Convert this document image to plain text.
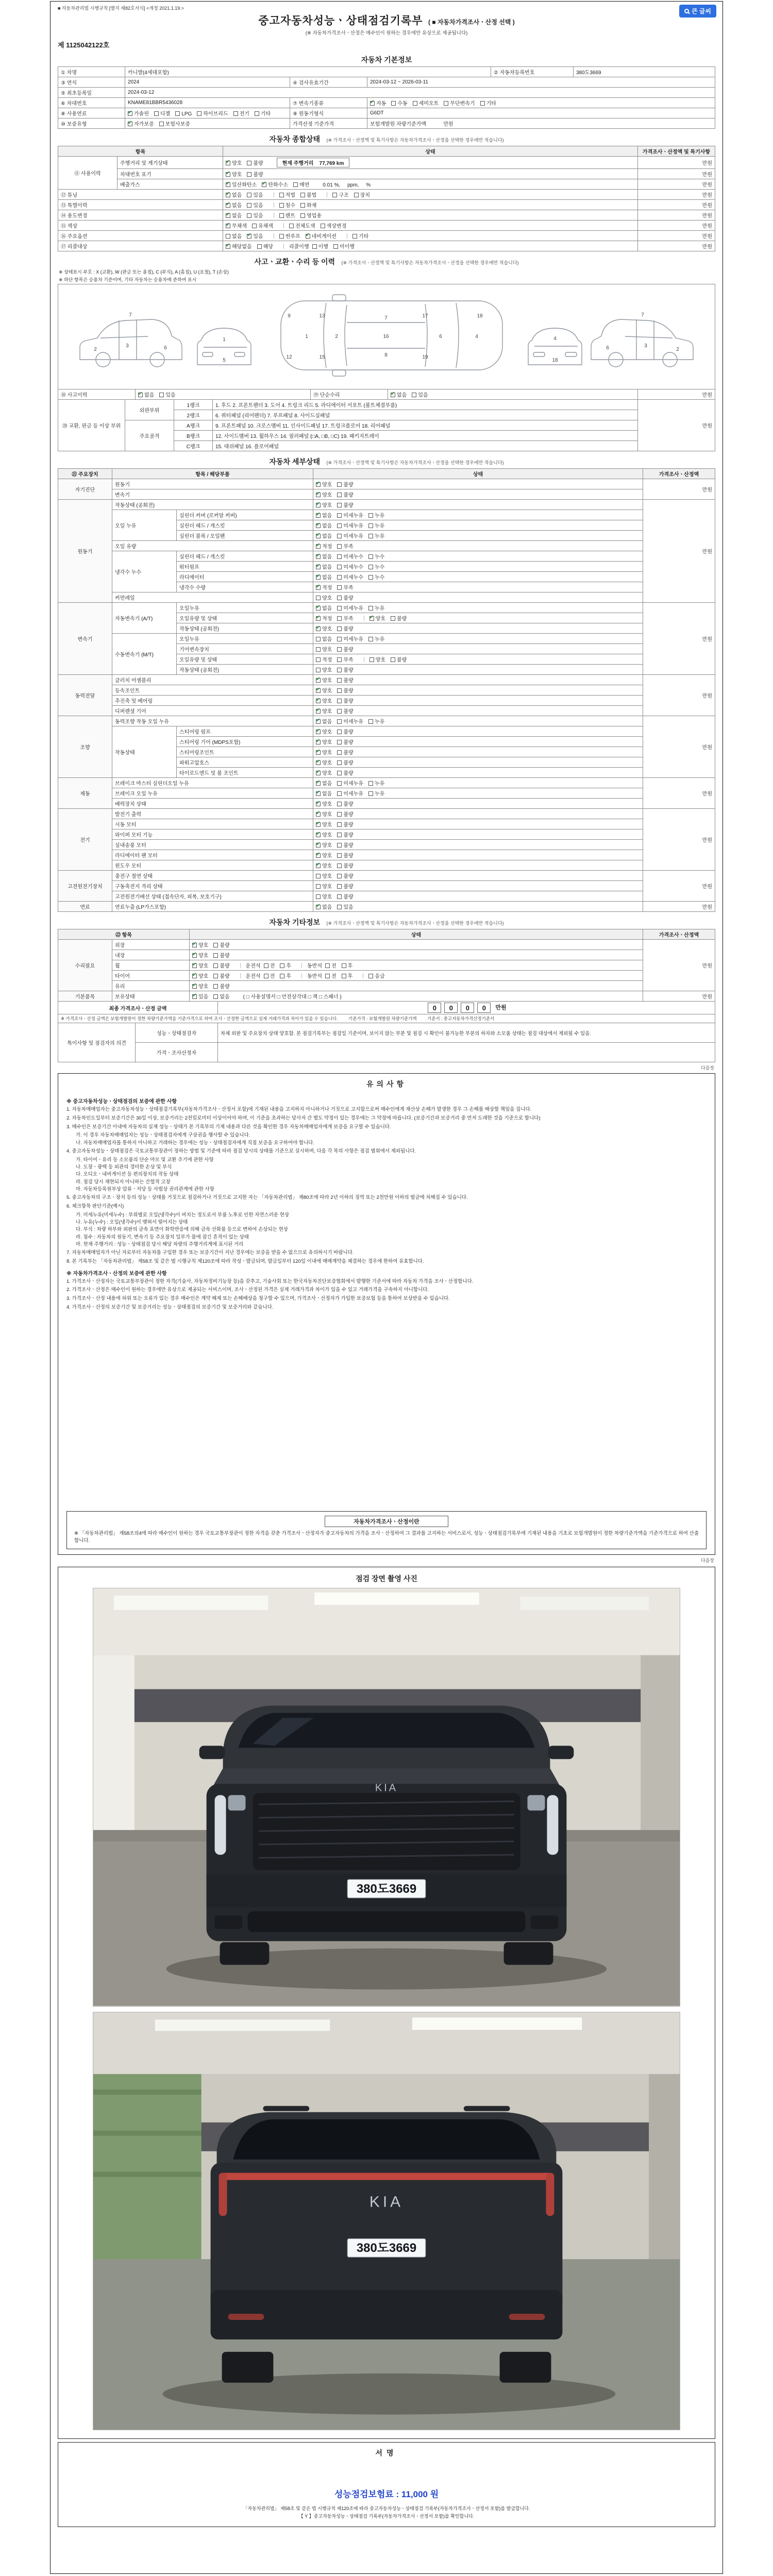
■ 자동차관리법 시행규칙 [별지 제82호서식] <개정 2021.1.19.>	큰 글씨
중고자동차성능ㆍ상태점검기록부 ( ■ 자동차가격조사ㆍ산정 선택 )
(※ 자동차가격조사ㆍ산정은 매수인이 원하는 경우에만 유상으로 제공됩니다)
제 1125042122호
자동차 기본정보
① 차명	카니발(4세대포함)			② 자동차등록번호	380도3669
③ 연식	2024	④ 검사유효기간	2024-03-12 ~ 2026-03-11		
⑤ 최초등록일	2024-03-12				
⑥ 차대번호	KNAME81BBR5436028	⑦ 변속기종류	✔자동 수동 세미오토 무단변속기 기타
⑧ 사용연료	✔가솔린 디젤 LPG 하이브리드 전기 기타	⑨ 원동기형식	G6DT		
⑩ 보증유형	✔자가보증 보험사보증	가격산정 기준가격	보험개발원 차량기준가액            만원		
자동차 종합상태 (※ 가격조사ㆍ산정액 및 특기사항은 자동차가격조사ㆍ산정을 선택한 경우에만 적습니다)
항목		상태	가격조사ㆍ산정액 및 특기사항
⑪ 사용이력	주행거리 및 계기상태	✔양호 불량 현재 주행거리    77,769 km	만원
	차대번호 표기	✔양호 불량	만원
	배출가스	✔일산화탄소 ✔ 탄화수소 매연 0.01 %,     ppm,     %	만원
⑫ 튜닝	✔없음 있음 적법 불법 구조 장치	만원
⑬ 특별이력	✔없음 있음 침수 화재	만원
⑭ 용도변경	✔없음 있음 렌트 영업용	만원
⑮ 색상	✔무채색 유채색 전체도색 색상변경	만원
⑯ 주요옵션		없음 ✔ 있음 썬루프 ✔ 네비게이션 기타	만원
⑰ 리콜대상	✔해당없음 해당 리콜이행 이행 미이행	만원
사고ㆍ교환ㆍ수리 등 이력 (※ 가격조사ㆍ산정액 및 특기사항은 자동차가격조사ㆍ산정을 선택한 경우에만 적습니다)
※ 상태표시 부호 : X (교환), W (판금 또는 용접), C (부식), A (흠집), U (요철), T (손상)
※ 하단 항목은 승용차 기준이며, 기타 자동차는 승용차에 준하여 표시
2
3	6
7
1
5
1	2
7
16
8
6	4
9
12
13
15
17
19
18
4
18
2
3
6
7
⑱ 사고이력	✔없음 있음	⑲ 단순수리	✔없음 있음	만원
⑳ 교환, 판금 등 이상 부위	외판부위	1랭크	1. 후드 2. 프론트펜더 3. 도어 4. 트렁크 리드 5. 라디에이터 서포트 (볼트체결부품)	만원
		2랭크	6. 쿼터패널 (리어펜더) 7. 루프패널 8. 사이드실패널	
	주요골격	A랭크	9. 프론트패널 10. 크로스멤버 11. 인사이드패널 17. 트렁크플로어 18. 리어패널	
		B랭크	12. 사이드멤버 13. 휠하우스 14. 필러패널 (□A, □B, □C) 19. 패키지트레이	
		C랭크	15. 대쉬패널 16. 플로어패널	
자동차 세부상태 (※ 가격조사ㆍ산정액 및 특기사항은 자동차가격조사ㆍ산정을 선택한 경우에만 적습니다)
㉑ 주요장치	항목 / 해당부품		상태	가격조사ㆍ산정액
자기진단	원동기	✔양호 불량	만원
	변속기	✔양호 불량
원동기	작동상태 (공회전)	✔양호 불량	만원
	오일 누유	실린더 커버 (로커암 커버)	✔없음 미세누유 누유
		실린더 헤드 / 개스킷	✔없음 미세누유 누유
		실린더 블록 / 오일팬	✔없음 미세누유 누유
	오일 유량	✔적정 부족
	냉각수 누수	실린더 헤드 / 개스킷	✔없음 미세누수 누수
		워터펌프	✔없음 미세누수 누수
		라디에이터	✔없음 미세누수 누수
		냉각수 수량	✔적정 부족
	커먼레일		양호 불량	
변속기	자동변속기 (A/T)	오일누유	✔없음 미세누유 누유	만원
		오일유량 및 상태	✔적정 부족 ✔ 양호 불량
		작동상태 (공회전)	✔양호 불량
	수동변속기 (M/T)	오일누유	없음 미세누유 누유	
		기어변속장치	양호 불량	
		오일유량 및 상태	적정 부족 양호 불량	
		작동상태 (공회전)	양호 불량	
동력전달	클러치 어셈블리	✔양호 불량	만원
	등속조인트	✔양호 불량
	추진축 및 베어링	✔양호 불량
	디퍼렌셜 기어	✔양호 불량
조향	동력조향 작동 오일 누유	✔없음 미세누유 누유	만원
	작동상태	스티어링 펌프	✔양호 불량
		스티어링 기어 (MDPS포함)	✔양호 불량
		스티어링조인트	✔양호 불량
		파워고압호스	✔양호 불량
		타이로드엔드 및 볼 조인트	✔양호 불량
제동	브레이크 마스터 실린더오일 누유	✔없음 미세누유 누유	만원
	브레이크 오일 누유	✔없음 미세누유 누유
	배력장치 상태	✔양호 불량
전기	발전기 출력	✔양호 불량	만원
	시동 모터	✔양호 불량
	와이퍼 모터 기능	✔양호 불량
	실내송풍 모터	✔양호 불량
	라디에이터 팬 모터	✔양호 불량
	윈도우 모터	✔양호 불량
고전원전기장치	충전구 절연 상태		양호 불량	만원
	구동축전지 격리 상태		양호 불량	
	고전원전기배선 상태 (접속단자, 피복, 보호기구)		양호 불량	
연료	연료누출 (LP가스포함)	✔없음 있음	만원
자동차 기타정보 (※ 가격조사ㆍ산정액 및 특기사항은 자동차가격조사ㆍ산정을 선택한 경우에만 적습니다)
㉒ 항목		상태	가격조사ㆍ산정액
수리필요	외장	✔양호 불량	만원
	내장	✔양호 불량
	휠	✔양호 불량 운전석 전 후 동반석 전 후
	타이어	✔양호 불량 운전석 전 후 동반석 전 후 응급
	유리	✔양호 불량
기본품목	보유상태	✔있음 없음 ( □ 사용설명서 □ 안전삼각대 □ 잭 □ 스패너 )	만원
최종 가격조사ㆍ산정 금액	0 0 0 0 만원
※ 가격조사ㆍ산정 금액은 보험개발원이 정한 차량기준가액을 기준가격으로 하여 조사ㆍ산정한 금액으로 실제 거래가격과 차이가 있을 수 있습니다. 기준가격 : 보험개발원 차량기준가액 기준서 : 중고자동차가격산정기준서
특이사항 및 점검자의 의견	성능ㆍ상태점검자	차체 외판 및 주요장치 상태 양호함. 본 점검기록부는 점검일 기준이며, 보이지 않는 부분 및 점검 시 확인이 불가능한 부분의 하자와 소모품 상태는 점검 대상에서 제외될 수 있음.
	가격ㆍ조사산정자	
다음장
유의사항
※ 중고자동차성능ㆍ상태점검의 보증에 관한 사항
1. 자동차매매업자는 중고자동차성능ㆍ상태점검기록부(자동차가격조사ㆍ산정서 포함)에 기재된 내용을 고지하지 아니하거나 거짓으로 고지함으로써 매수인에게 재산상 손해가 발생한 경우 그 손해를 배상할 책임을 집니다.
2. 자동차인도일부터 보증기간은 30일 이상, 보증거리는 2천킬로미터 이상이어야 하며, 이 기준을 초과하는 당사자 간 별도 약정이 있는 경우에는 그 약정에 따릅니다. (보증기간과 보증거리 중 먼저 도래한 것을 기준으로 합니다)
3. 매수인은 보증기간 이내에 자동차의 실제 성능ㆍ상태가 본 기록부의 기재 내용과 다른 것을 확인한 경우 자동차매매업자에게 보증을 요구할 수 있습니다.
가. 이 경우 자동차매매업자는 성능ㆍ상태점검자에게 구상권을 행사할 수 있습니다.
나. 자동차매매업자를 통하지 아니하고 거래하는 경우에는 성능ㆍ상태점검자에게 직접 보증을 요구하여야 합니다.
4. 중고자동차성능ㆍ상태점검은 국토교통부장관이 정하는 방법 및 기준에 따라 점검 당시의 상태를 기준으로 실시하며, 다음 각 목의 사항은 점검 범위에서 제외됩니다.
가. 타이어ㆍ유리 등 소모품의 단순 마모 및 교환 주기에 관한 사항
나. 도장ㆍ광택 등 외관의 경미한 손상 및 부식
다. 오디오ㆍ내비게이션 등 편의장치의 작동 상태
라. 점검 당시 재현되지 아니하는 간헐적 고장
마. 자동차등록원부상 압류ㆍ저당 등 사법상 권리관계에 관한 사항
5. 중고자동차의 구조ㆍ장치 등의 성능ㆍ상태를 거짓으로 점검하거나 거짓으로 고지한 자는 「자동차관리법」 제80조에 따라 2년 이하의 징역 또는 2천만원 이하의 벌금에 처해질 수 있습니다.
6. 체크항목 판단기준(예시)
가. 미세누유(미세누수) : 부위별로 오일(냉각수)이 비치는 정도로서 부품 노후로 인한 자연스러운 현상
나. 누유(누수) : 오일(냉각수)이 맺혀서 떨어지는 상태
다. 부식 : 차량 하부와 외판의 금속 표면이 화학반응에 의해 금속 산화물 등으로 변하여 손상되는 현상
라. 침수 : 자동차의 원동기, 변속기 등 주요장치 일부가 물에 잠긴 흔적이 있는 상태
마. 현재 주행거리 : 성능ㆍ상태점검 당시 해당 차량의 주행거리계에 표시된 거리
7. 자동차매매업자가 아닌 자로부터 자동차를 구입한 경우 또는 보증기간이 지난 경우에는 보증을 받을 수 없으므로 유의하시기 바랍니다.
8. 본 기록부는 「자동차관리법」 제58조 및 같은 법 시행규칙 제120조에 따라 작성ㆍ발급되며, 발급일부터 120일 이내에 매매계약을 체결하는 경우에 한하여 유효합니다.
※ 자동차가격조사ㆍ산정의 보증에 관한 사항
1. 가격조사ㆍ산정자는 국토교통부장관이 정한 자격(기술사, 자동차정비기능장 등)을 갖추고, 기술사회 또는 한국자동차진단보증협회에서 발행한 기준서에 따라 자동차 가격을 조사ㆍ산정합니다.
2. 가격조사ㆍ산정은 매수인이 원하는 경우에만 유상으로 제공되는 서비스이며, 조사ㆍ산정된 가격은 실제 거래가격과 차이가 있을 수 있고 거래가격을 구속하지 아니합니다.
3. 가격조사ㆍ산정 내용에 허위 또는 오류가 있는 경우 매수인은 계약 해제 또는 손해배상을 청구할 수 있으며, 가격조사ㆍ산정자가 가입한 보증보험 등을 통하여 보상받을 수 있습니다.
4. 가격조사ㆍ산정의 보증기간 및 보증거리는 성능ㆍ상태점검의 보증기간 및 보증거리와 같습니다.
자동차가격조사ㆍ산정이란

※ 「자동차관리법」 제58조의4에 따라 매수인이 원하는 경우 국토교통부장관이 정한 자격을 갖춘 가격조사ㆍ산정자가 중고자동차의 가격을 조사ㆍ산정하여 그 결과를 고지하는 서비스로서, 성능ㆍ상태점검기록부에 기재된 내용을 기초로 보험개발원이 정한 차량기준가액을 기준가격으로 하여 산출합니다.

다음장
점검 장면 촬영 사진
KIA
380도3669
KIA
380도3669
서명
성능점검보험료 : 11,000 원

「자동차관리법」 제58조 및 같은 법 시행규칙 제120조에 따라 중고자동차성능ㆍ상태점검 기록부(자동차가격조사ㆍ산정서 포함)를 발급합니다.

【 Y 】중고자동차성능ㆍ상태점검 기록부(자동차가격조사ㆍ산정서 포함)를 확인합니다.
